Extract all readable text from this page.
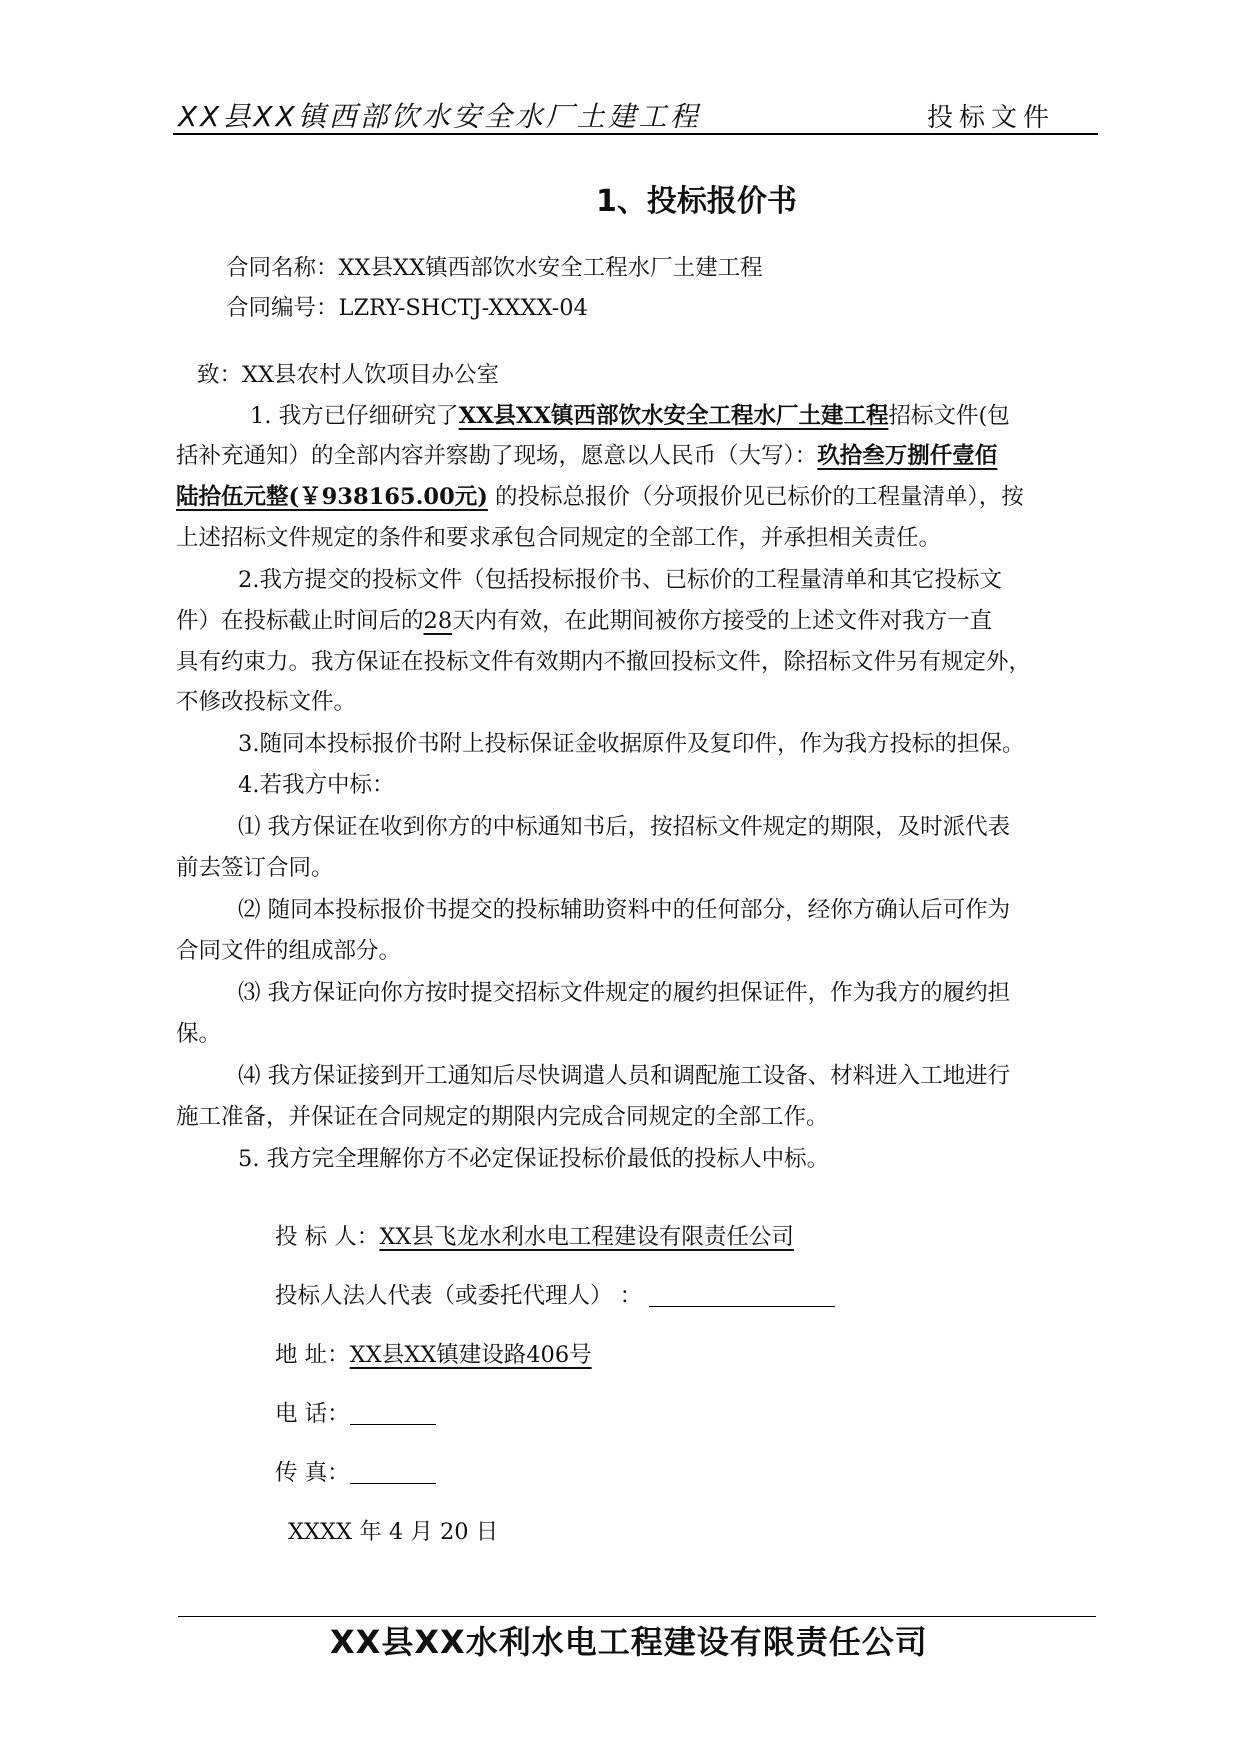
XX县XX镇西部饮水安全水厂土建工程	投标文件
1、投标报价书
合同名称：XX县XX镇西部饮水安全工程水厂土建工程
合同编号：LZRY-SHCTJ-XXXX-04
致：XX县农村人饮项目办公室
1. 我方已仔细研究了XX县XX镇西部饮水安全工程水厂土建工程招标文件(包
括补充通知）的全部内容并察勘了现场，愿意以人民币（大写）：玖拾叁万捌仟壹佰
陆拾伍元整(￥938165.00元) 的投标总报价（分项报价见已标价的工程量清单），按
上述招标文件规定的条件和要求承包合同规定的全部工作，并承担相关责任。
2.我方提交的投标文件（包括投标报价书、已标价的工程量清单和其它投标文
件）在投标截止时间后的28天内有效，在此期间被你方接受的上述文件对我方一直
具有约束力。我方保证在投标文件有效期内不撤回投标文件，除招标文件另有规定外，
不修改投标文件。
3.随同本投标报价书附上投标保证金收据原件及复印件，作为我方投标的担保。
4.若我方中标：
⑴ 我方保证在收到你方的中标通知书后，按招标文件规定的期限，及时派代表
前去签订合同。
⑵ 随同本投标报价书提交的投标辅助资料中的任何部分，经你方确认后可作为
合同文件的组成部分。
⑶ 我方保证向你方按时提交招标文件规定的履约担保证件，作为我方的履约担
保。
⑷ 我方保证接到开工通知后尽快调遣人员和调配施工设备、材料进入工地进行
施工准备，并保证在合同规定的期限内完成合同规定的全部工作。
5. 我方完全理解你方不必定保证投标价最低的投标人中标。
投 标 人：XX县飞龙水利水电工程建设有限责任公司
投标人法人代表（或委托代理人） ：
地 址：XX县XX镇建设路406号
电 话：
传 真：
XXXX 年 4 月 20 日
XX县XX水利水电工程建设有限责任公司
